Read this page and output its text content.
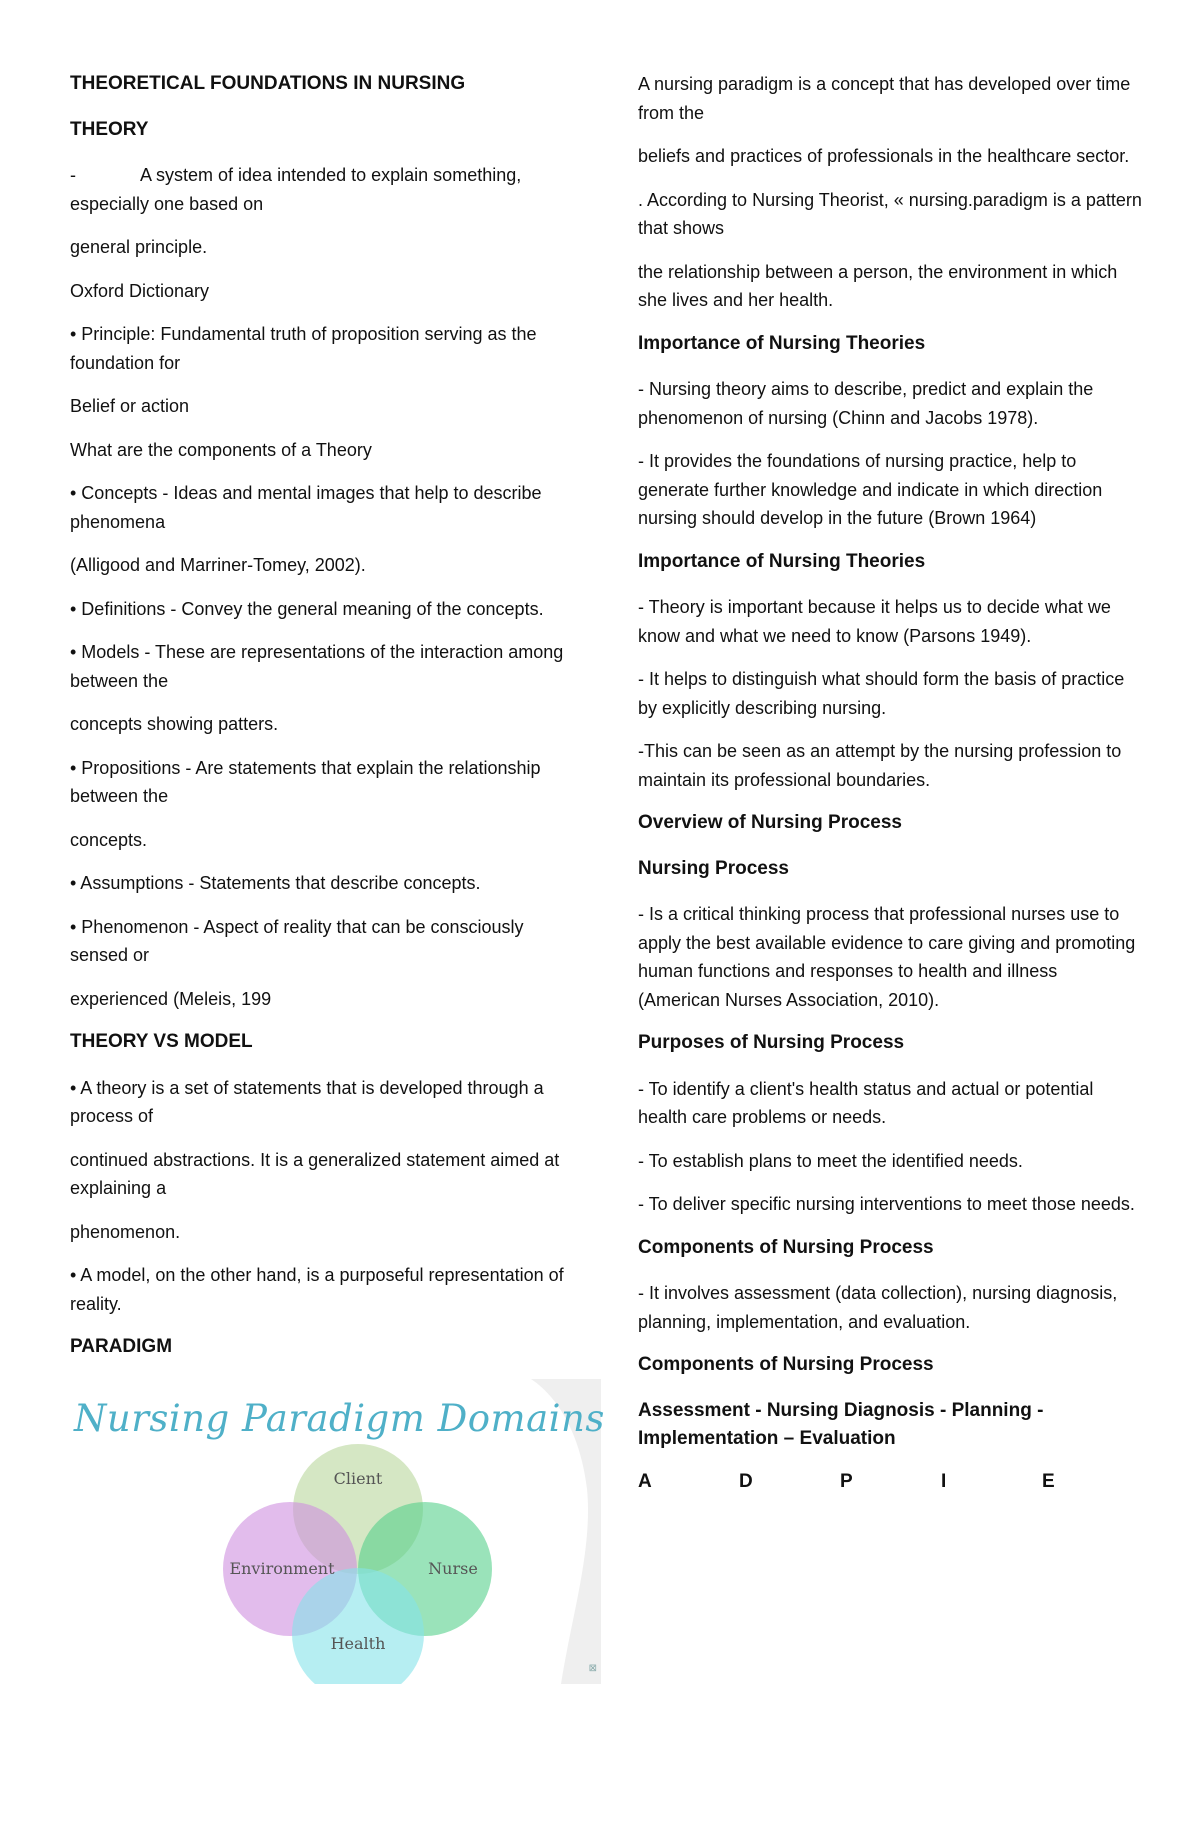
THEORETICAL FOUNDATIONS IN NURSING

THEORY

-	A system of idea intended to explain something, especially one based on

general principle.

Oxford Dictionary

• Principle: Fundamental truth of proposition serving as the foundation for

Belief or action

What are the components of a Theory

• Concepts - Ideas and mental images that help to describe phenomena

(Alligood and Marriner-Tomey, 2002).

• Definitions - Convey the general meaning of the concepts.

• Models - These are representations of the interaction among between the

concepts showing patters.

• Propositions - Are statements that explain the relationship between the

concepts.

• Assumptions - Statements that describe concepts.

• Phenomenon - Aspect of reality that can be consciously sensed or

experienced (Meleis, 199

THEORY VS MODEL

• A theory is a set of statements that is developed through a process of

continued abstractions. It is a generalized statement aimed at explaining a

phenomenon.

• A model, on the other hand, is a purposeful representation of reality.

PARADIGM

Nursing Paradigm Domains
Client
Environment	Nurse
Health
⊠

A nursing paradigm is a concept that has developed over time from the

beliefs and practices of professionals in the healthcare sector.

. According to Nursing Theorist, « nursing.paradigm is a pattern that shows

the relationship between a person, the environment in which she lives and her health.

Importance of Nursing Theories

- Nursing theory aims to describe, predict and explain the phenomenon of nursing (Chinn and Jacobs 1978).

- It provides the foundations of nursing practice, help to generate further knowledge and indicate in which direction nursing should develop in the future (Brown 1964)

Importance of Nursing Theories

- Theory is important because it helps us to decide what we know and what we need to know (Parsons 1949).

- It helps to distinguish what should form the basis of practice by explicitly describing nursing.

-This can be seen as an attempt by the nursing profession to maintain its professional boundaries.

Overview of Nursing Process

Nursing Process

- Is a critical thinking process that professional nurses use to apply the best available evidence to care giving and promoting human functions and responses to health and illness (American Nurses Association, 2010).

Purposes of Nursing Process

- To identify a client's health status and actual or potential health care problems or needs.

- To establish plans to meet the identified needs.

- To deliver specific nursing interventions to meet those needs.

Components of Nursing Process

- It involves assessment (data collection), nursing diagnosis, planning, implementation, and evaluation.

Components of Nursing Process

Assessment - Nursing Diagnosis - Planning - Implementation – Evaluation

A	D	P	I	E
